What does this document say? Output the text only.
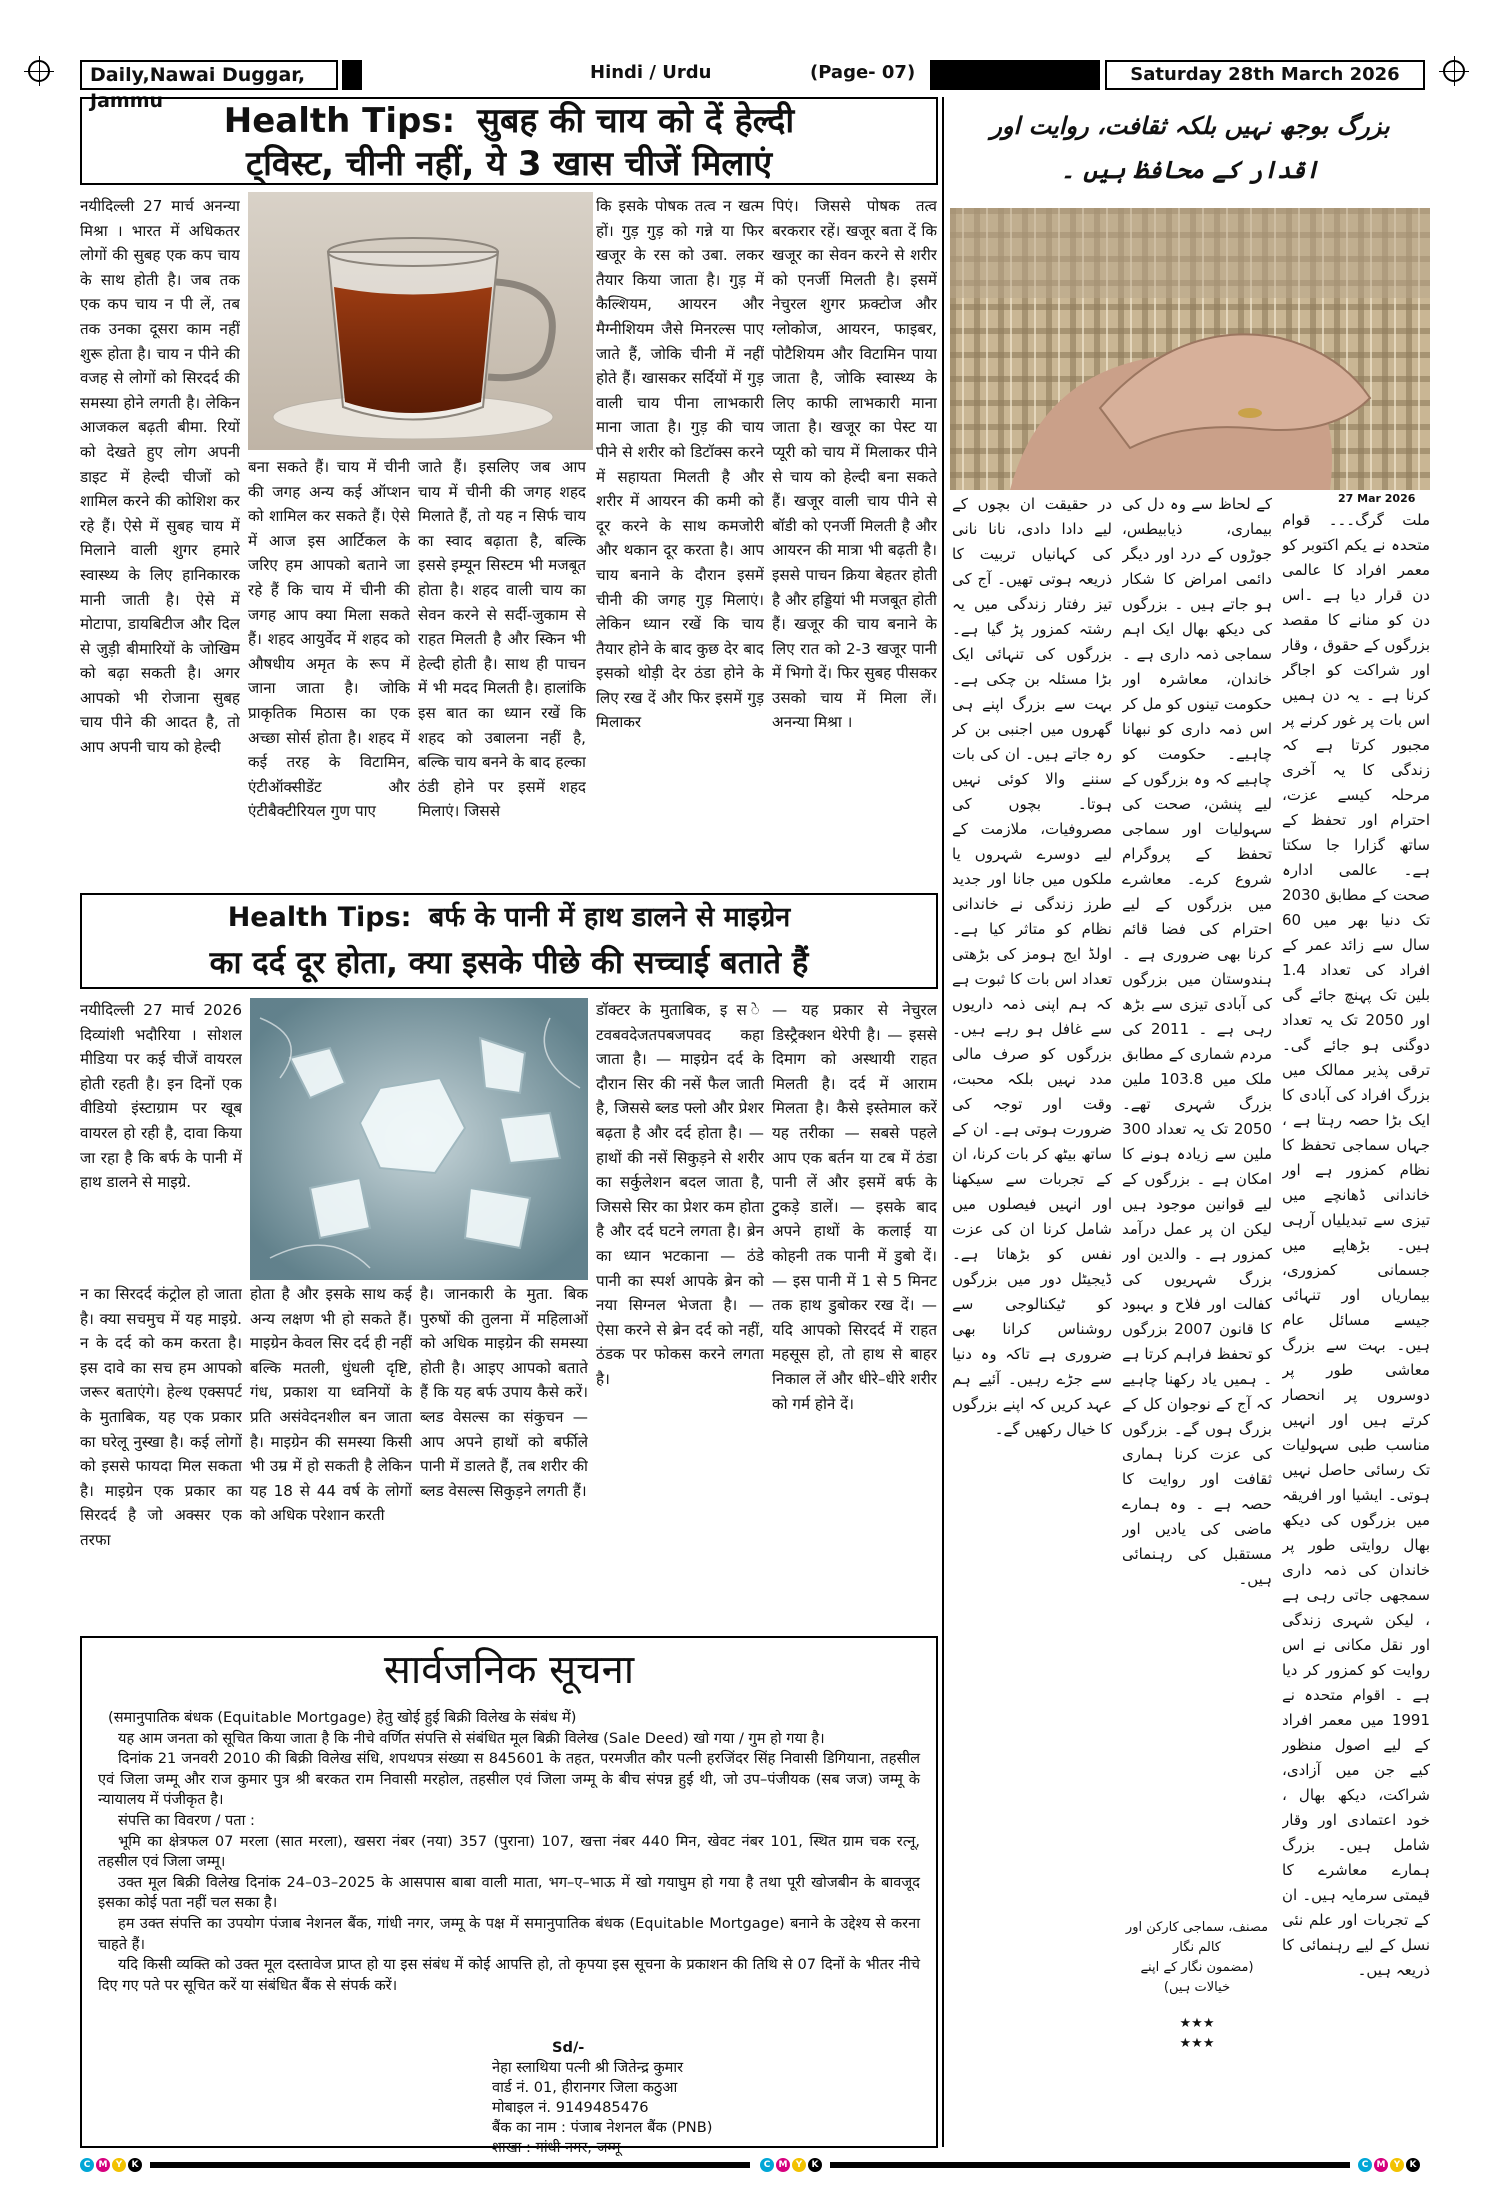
Daily,Nawai Duggar, Jammu
Hindi / Urdu	(Page- 07)	Saturday 28th March 2026
Health Tips: सुबह की चाय को दें हेल्दी
ट्विस्ट, चीनी नहीं, ये 3 खास चीजें मिलाएं
नयीदिल्ली 27 मार्च अनन्या मिश्रा । भारत में अधिकतर लोगों की सुबह एक कप चाय के साथ होती है। जब तक एक कप चाय न पी लें, तब तक उनका दूसरा काम नहीं शुरू होता है। चाय न पीने की वजह से लोगों को सिरदर्द की समस्या होने लगती है। लेकिन आजकल बढ़ती बीमा. रियों को देखते हुए लोग अपनी डाइट में हेल्दी चीजों को शामिल करने की कोशिश कर रहे हैं। ऐसे में सुबह चाय में मिलाने वाली शुगर हमारे स्वास्थ्य के लिए हानिकारक मानी जाती है। ऐसे में मोटापा, डायबिटीज और दिल से जुड़ी बीमारियों के जोखिम को बढ़ा सकती है। अगर आपको भी रोजाना सुबह चाय पीने की आदत है, तो आप अपनी चाय को हेल्दी
बना सकते हैं। चाय में चीनी की जगह अन्य कई ऑप्शन को शामिल कर सकते हैं। ऐसे में आज इस आर्टिकल के जरिए हम आपको बताने जा रहे हैं कि चाय में चीनी की जगह आप क्या मिला सकते हैं। शहद आयुर्वेद में शहद को औषधीय अमृत के रूप में जाना जाता है। जोकि प्राकृतिक मिठास का एक अच्छा सोर्स होता है। शहद में कई तरह के विटामिन, एंटीऑक्सीडेंट और एंटीबैक्टीरियल गुण पाए
जाते हैं। इसलिए जब आप चाय में चीनी की जगह शहद मिलाते हैं, तो यह न सिर्फ चाय का स्वाद बढ़ाता है, बल्कि इससे इम्यून सिस्टम भी मजबूत होता है। शहद वाली चाय का सेवन करने से सर्दी-जुकाम से राहत मिलती है और स्किन भी हेल्दी होती है। साथ ही पाचन में भी मदद मिलती है। हालांकि इस बात का ध्यान रखें कि शहद को उबालना नहीं है, बल्कि चाय बनने के बाद हल्का ठंडी होने पर इसमें शहद मिलाएं। जिससे
कि इसके पोषक तत्व न खत्म हों। गुड़ गुड़ को गन्ने या फिर खजूर के रस को उबा. लकर तैयार किया जाता है। गुड़ में कैल्शियम, आयरन और मैग्नीशियम जैसे मिनरल्स पाए जाते हैं, जोकि चीनी में नहीं होते हैं। खासकर सर्दियों में गुड़ वाली चाय पीना लाभकारी माना जाता है। गुड़ की चाय पीने से शरीर को डिटॉक्स करने में सहायता मिलती है और शरीर में आयरन की कमी को दूर करने के साथ कमजोरी और थकान दूर करता है। आप चाय बनाने के दौरान इसमें चीनी की जगह गुड़ मिलाएं। लेकिन ध्यान रखें कि चाय तैयार होने के बाद कुछ देर बाद इसको थोड़ी देर ठंडा होने के लिए रख दें और फिर इसमें गुड़ मिलाकर
पिएं। जिससे पोषक तत्व बरकरार रहें। खजूर बता दें कि खजूर का सेवन करने से शरीर को एनर्जी मिलती है। इसमें नेचुरल शुगर फ्रक्टोज और ग्लोकोज, आयरन, फाइबर, पोटैशियम और विटामिन पाया जाता है, जोकि स्वास्थ्य के लिए काफी लाभकारी माना जाता है। खजूर का पेस्ट या प्यूरी को चाय में मिलाकर पीने से चाय को हेल्दी बना सकते हैं। खजूर वाली चाय पीने से बॉडी को एनर्जी मिलती है और आयरन की मात्रा भी बढ़ती है। इससे पाचन क्रिया बेहतर होती है और हड्डियां भी मजबूत होती हैं। खजूर की चाय बनाने के लिए रात को 2-3 खजूर पानी में भिगो दें। फिर सुबह पीसकर उसको चाय में मिला लें। अनन्या मिश्रा ।
Health Tips: बर्फ के पानी में हाथ डालने से माइग्रेन
का दर्द दूर होता, क्या इसके पीछे की सच्चाई बताते हैं
नयीदिल्ली 27 मार्च 2026 दिव्यांशी भदौरिया । सोशल मीडिया पर कई चीजें वायरल होती रहती है। इन दिनों एक वीडियो इंस्टाग्राम पर खूब वायरल हो रही है, दावा किया जा रहा है कि बर्फ के पानी में हाथ डालने से माइग्रे.
न का सिरदर्द कंट्रोल हो जाता है। क्या सचमुच में यह माइग्रे. न के दर्द को कम करता है। इस दावे का सच हम आपको जरूर बताएंगे। हेल्थ एक्सपर्ट के मुताबिक, यह एक प्रकार का घरेलू नुस्खा है। कई लोगों को इससे फायदा मिल सकता है। माइग्रेन एक प्रकार का सिरदर्द है जो अक्सर एक तरफा
होता है और इसके साथ कई अन्य लक्षण भी हो सकते हैं। माइग्रेन केवल सिर दर्द ही नहीं बल्कि मतली, धुंधली दृष्टि, गंध, प्रकाश या ध्वनियों के प्रति असंवेदनशील बन जाता है। माइग्रेन की समस्या किसी भी उम्र में हो सकती है लेकिन यह 18 से 44 वर्ष के लोगों को अधिक परेशान करती
है। जानकारी के मुता. बिक पुरुषों की तुलना में महिलाओं को अधिक माइग्रेन की समस्या होती है। आइए आपको बताते हैं कि यह बर्फ उपाय कैसे करें। ब्लड वेसल्स का संकुचन — आप अपने हाथों को बर्फीले पानी में डालते हैं, तब शरीर की ब्लड वेसल्स सिकुड़ने लगती हैं।
डॉक्टर के मुताबिक, इ स े टवबवदेजतपबजपवद कहा जाता है। — माइग्रेन दर्द के दौरान सिर की नसें फैल जाती है, जिससे ब्लड फ्लो और प्रेशर बढ़ता है और दर्द होता है। — हाथों की नसें सिकुड़ने से शरीर का सर्कुलेशन बदल जाता है, जिससे सिर का प्रेशर कम होता है और दर्द घटने लगता है। ब्रेन का ध्यान भटकाना — ठंडे पानी का स्पर्श आपके ब्रेन को नया सिग्नल भेजता है। — ऐसा करने से ब्रेन दर्द को नहीं, ठंडक पर फोकस करने लगता है।
— यह प्रकार से नेचुरल डिस्ट्रैक्शन थेरेपी है। — इससे दिमाग को अस्थायी राहत मिलती है। दर्द में आराम मिलता है। कैसे इस्तेमाल करें यह तरीका — सबसे पहले आप एक बर्तन या टब में ठंडा पानी लें और इसमें बर्फ के टुकड़े डालें। — इसके बाद अपने हाथों के कलाई या कोहनी तक पानी में डुबो दें। — इस पानी में 1 से 5 मिनट तक हाथ डुबोकर रख दें। — यदि आपको सिरदर्द में राहत महसूस हो, तो हाथ से बाहर निकाल लें और धीरे–धीरे शरीर को गर्म होने दें।
सार्वजनिक सूचना
(समानुपातिक बंधक (Equitable Mortgage) हेतु खोई हुई बिक्री विलेख के संबंध में)
यह आम जनता को सूचित किया जाता है कि नीचे वर्णित संपत्ति से संबंधित मूल बिक्री विलेख (Sale Deed) खो गया / गुम हो गया है।
दिनांक 21 जनवरी 2010 की बिक्री विलेख संधि, शपथपत्र संख्या स 845601 के तहत, परमजीत कौर पत्नी हरजिंदर सिंह निवासी डिगियाना, तहसील एवं जिला जम्मू और राज कुमार पुत्र श्री बरकत राम निवासी मरहोल, तहसील एवं जिला जम्मू के बीच संपन्न हुई थी, जो उप–पंजीयक (सब जज) जम्मू के न्यायालय में पंजीकृत है।
संपत्ति का विवरण / पता :
भूमि का क्षेत्रफल 07 मरला (सात मरला), खसरा नंबर (नया) 357 (पुराना) 107, खत्ता नंबर 440 मिन, खेवट नंबर 101, स्थित ग्राम चक रत्नू, तहसील एवं जिला जम्मू।
उक्त मूल बिक्री विलेख दिनांक 24–03–2025 के आसपास बाबा वाली माता, भग–ए–भाऊ में खो गयाघुम हो गया है तथा पूरी खोजबीन के बावजूद इसका कोई पता नहीं चल सका है।
हम उक्त संपत्ति का उपयोग पंजाब नेशनल बैंक, गांधी नगर, जम्मू के पक्ष में समानुपातिक बंधक (Equitable Mortgage) बनाने के उद्देश्य से करना चाहते हैं।
यदि किसी व्यक्ति को उक्त मूल दस्तावेज प्राप्त हो या इस संबंध में कोई आपत्ति हो, तो कृपया इस सूचना के प्रकाशन की तिथि से 07 दिनों के भीतर नीचे दिए गए पते पर सूचित करें या संबंधित बैंक से संपर्क करें।
Sd/-
नेहा स्लाथिया पत्नी श्री जितेन्द्र कुमार
वार्ड नं. 01, हीरानगर जिला कठुआ
मोबाइल नं. 9149485476
बैंक का नाम : पंजाब नेशनल बैंक (PNB)
शाखा : गांधी नगर, जम्मू
بزرگ بوجھ نہیں بلکہ ثقافت، روایت اور
اقدار کے محافظ ہیں ۔
27 Mar 2026
ملت گرگ۔۔۔ قوام متحدہ نے یکم اکتوبر کو معمر افراد کا عالمی دن قرار دیا ہے ۔اس دن کو منانے کا مقصد بزرگوں کے حقوق ، وقار اور شراکت کو اجاگر کرنا ہے ۔ یہ دن ہمیں اس بات پر غور کرنے پر مجبور کرتا ہے کہ زندگی کا یہ آخری مرحلہ کیسے عزت، احترام اور تحفظ کے ساتھ گزارا جا سکتا ہے۔ عالمی ادارہ صحت کے مطابق 2030 تک دنیا بھر میں 60 سال سے زائد عمر کے افراد کی تعداد 1.4 بلین تک پہنچ جائے گی اور 2050 تک یہ تعداد دوگنی ہو جائے گی۔ ترقی پذیر ممالک میں بزرگ افراد کی آبادی کا ایک بڑا حصہ رہتا ہے ، جہاں سماجی تحفظ کا نظام کمزور ہے اور خاندانی ڈھانچے میں تیزی سے تبدیلیاں آرہی ہیں۔ بڑھاپے میں جسمانی کمزوری، بیماریاں اور تنہائی جیسے مسائل عام ہیں۔ بہت سے بزرگ معاشی طور پر دوسروں پر انحصار کرتے ہیں اور انہیں مناسب طبی سہولیات تک رسائی حاصل نہیں ہوتی۔ ایشیا اور افریقہ میں بزرگوں کی دیکھ بھال روایتی طور پر خاندان کی ذمہ داری سمجھی جاتی رہی ہے ، لیکن شہری زندگی اور نقل مکانی نے اس روایت کو کمزور کر دیا ہے ۔ اقوام متحدہ نے 1991 میں معمر افراد کے لیے اصول منظور کیے جن میں آزادی، شراکت، دیکھ بھال ، خود اعتمادی اور وقار شامل ہیں۔ بزرگ ہمارے معاشرے کا قیمتی سرمایہ ہیں۔ ان کے تجربات اور علم نئی نسل کے لیے رہنمائی کا ذریعہ ہیں۔
کے لحاظ سے وہ دل کی بیماری، ذیابیطس، جوڑوں کے درد اور دیگر دائمی امراض کا شکار ہو جاتے ہیں ۔ بزرگوں کی دیکھ بھال ایک اہم سماجی ذمہ داری ہے ۔ خاندان، معاشرہ اور حکومت تینوں کو مل کر اس ذمہ داری کو نبھانا چاہیے۔ حکومت کو چاہیے کہ وہ بزرگوں کے لیے پنشن، صحت کی سہولیات اور سماجی تحفظ کے پروگرام شروع کرے۔ معاشرے میں بزرگوں کے لیے احترام کی فضا قائم کرنا بھی ضروری ہے ۔ ہندوستان میں بزرگوں کی آبادی تیزی سے بڑھ رہی ہے ۔ 2011 کی مردم شماری کے مطابق ملک میں 103.8 ملین بزرگ شہری تھے۔ 2050 تک یہ تعداد 300 ملین سے زیادہ ہونے کا امکان ہے ۔ بزرگوں کے لیے قوانین موجود ہیں لیکن ان پر عمل درآمد کمزور ہے ۔ والدین اور بزرگ شہریوں کی کفالت اور فلاح و بہبود کا قانون 2007 بزرگوں کو تحفظ فراہم کرتا ہے ۔ ہمیں یاد رکھنا چاہیے کہ آج کے نوجوان کل کے بزرگ ہوں گے۔ بزرگوں کی عزت کرنا ہماری ثقافت اور روایت کا حصہ ہے ۔ وہ ہمارے ماضی کی یادیں اور مستقبل کی رہنمائی ہیں۔
در حقیقت ان بچوں کے لیے دادا دادی، نانا نانی کی کہانیاں تربیت کا ذریعہ ہوتی تھیں۔ آج کی تیز رفتار زندگی میں یہ رشتہ کمزور پڑ گیا ہے۔ بزرگوں کی تنہائی ایک بڑا مسئلہ بن چکی ہے۔ بہت سے بزرگ اپنے ہی گھروں میں اجنبی بن کر رہ جاتے ہیں۔ ان کی بات سننے والا کوئی نہیں ہوتا۔ بچوں کی مصروفیات، ملازمت کے لیے دوسرے شہروں یا ملکوں میں جانا اور جدید طرز زندگی نے خاندانی نظام کو متاثر کیا ہے۔ اولڈ ایج ہومز کی بڑھتی تعداد اس بات کا ثبوت ہے کہ ہم اپنی ذمہ داریوں سے غافل ہو رہے ہیں۔ بزرگوں کو صرف مالی مدد نہیں بلکہ محبت، وقت اور توجہ کی ضرورت ہوتی ہے۔ ان کے ساتھ بیٹھ کر بات کرنا، ان کے تجربات سے سیکھنا اور انہیں فیصلوں میں شامل کرنا ان کی عزت نفس کو بڑھاتا ہے۔ ڈیجیٹل دور میں بزرگوں کو ٹیکنالوجی سے روشناس کرانا بھی ضروری ہے تاکہ وہ دنیا سے جڑے رہیں۔ آئیے ہم عہد کریں کہ اپنے بزرگوں کا خیال رکھیں گے۔
مصنف، سماجی کارکن اور کالم نگار
(مضمون نگار کے اپنے خیالات ہیں)
★★★
★★★
C M Y	K	C M Y	K	C M Y	K
